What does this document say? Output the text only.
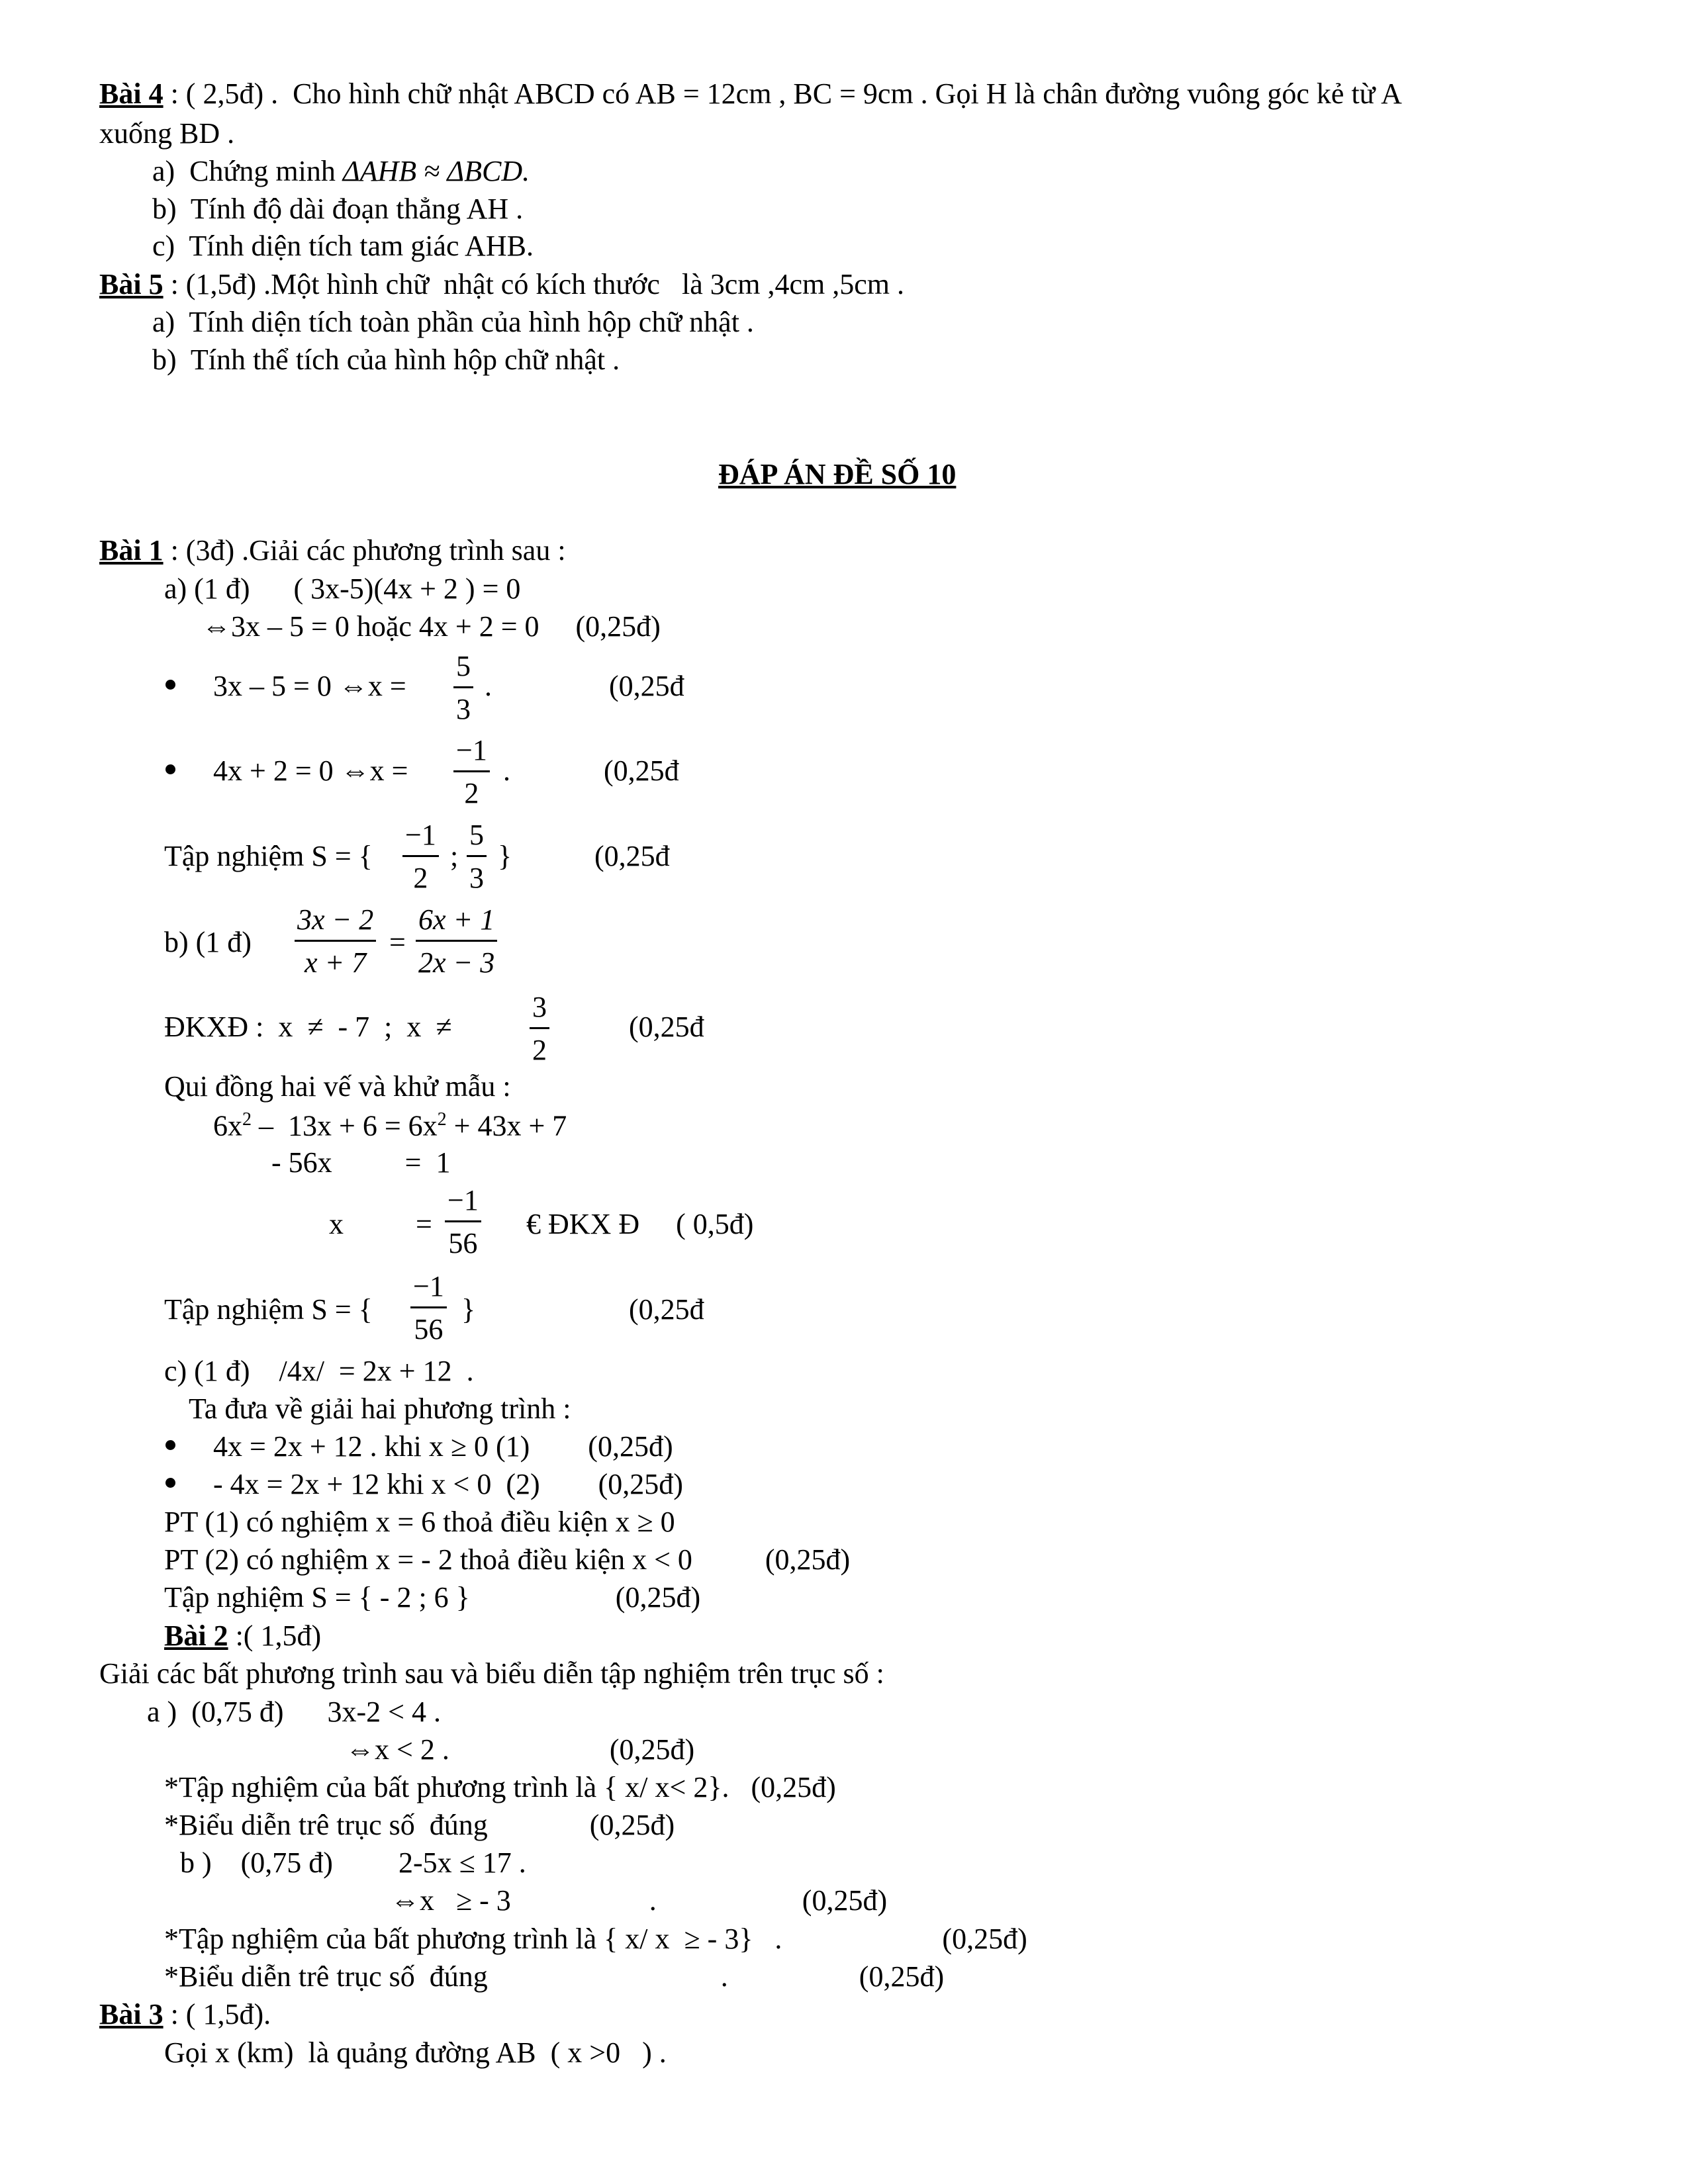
Bài 4 : ( 2,5đ) .  Cho hình chữ nhật ABCD có AB = 12cm , BC = 9cm . Gọi H là chân đường vuông góc kẻ từ A
xuống BD .
a)  Chứng minh ΔAHB ≈ ΔBCD.
b)  Tính độ dài đoạn thẳng AH .
c)  Tính diện tích tam giác AHB.
Bài 5 : (1,5đ) .Một hình chữ  nhật có kích thước   là 3cm ,4cm ,5cm .
a)  Tính diện tích toàn phần của hình hộp chữ nhật .
b)  Tính thể tích của hình hộp chữ nhật .
ĐÁP ÁN ĐỀ SỐ 10
Bài 1 : (3đ) .Giải các phương trình sau :
a) (1 đ)      ( 3x-5)(4x + 2 ) = 0
⇔3x – 5 = 0 hoặc 4x + 2 = 0     (0,25đ)
3x – 5 = 0 ⇔x =
5
3
.	(0,25đ
4x + 2 = 0 ⇔x =
−1
2
.	(0,25đ
Tập nghiệm S = {
−1
2
;
5
3
}	(0,25đ
b) (1 đ)
3x − 2
x + 7
=
6x + 1
2x − 3
ĐKXĐ :  x  ≠  - 7  ;  x  ≠
3
2
(0,25đ
Qui đồng hai vế và khử mẫu :
$6x^2 - 13x + 6 = 6x^2 + 43x + 7$
- 56x          =  1
x =
−1
56
€ ĐKX Đ     ( 0,5đ)
Tập nghiệm S = {
−1
56
}	(0,25đ
c) (1 đ)    /4x/  = 2x + 12  .
Ta đưa về giải hai phương trình :
4x = 2x + 12 . khi x ≥ 0 (1)        (0,25đ)
- 4x = 2x + 12 khi x < 0  (2)        (0,25đ)
PT (1) có nghiệm x = 6 thoả điều kiện x ≥ 0
PT (2) có nghiệm x = - 2 thoả điều kiện x < 0          (0,25đ)
Tập nghiệm S = { - 2 ; 6 }                    (0,25đ)
Bài 2 :( 1,5đ)
Giải các bất phương trình sau và biểu diễn tập nghiệm trên trục số :
a )  (0,75 đ)      3x-2 < 4 .
⇔x < 2 .                      (0,25đ)
*Tập nghiệm của bất phương trình là { x/ x< 2}.   (0,25đ)
*Biểu diễn trê trục số  đúng              (0,25đ)
b )    (0,75 đ)         2-5x ≤ 17 .
⇔x   ≥ - 3                   .                    (0,25đ)
*Tập nghiệm của bất phương trình là { x/ x  ≥ - 3}   .                      (0,25đ)
*Biểu diễn trê trục số  đúng                                .                  (0,25đ)
Bài 3 : ( 1,5đ).
Gọi x (km)  là quảng đường AB  ( x >0   ) .
